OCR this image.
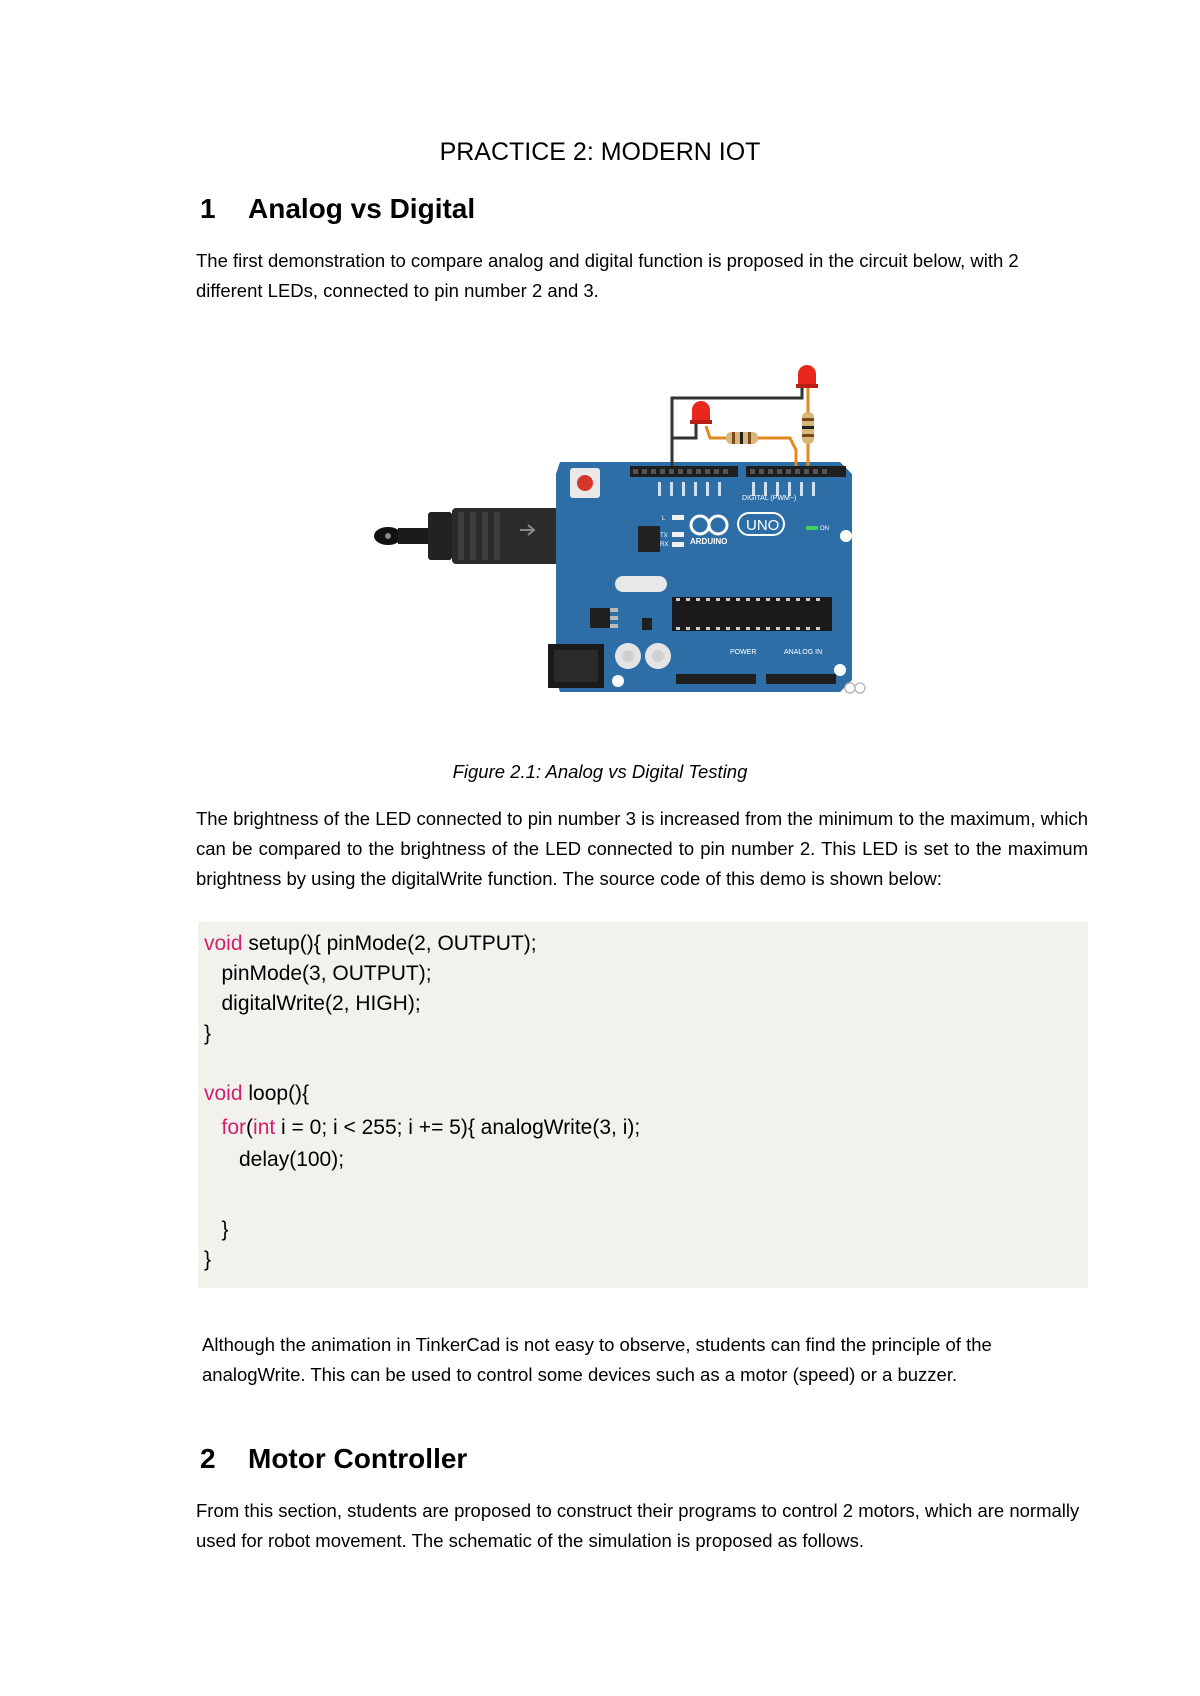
PRACTICE 2: MODERN IOT
1	Analog vs Digital

The first demonstration to compare analog and digital function is proposed in the circuit below, with 2 different LEDs, connected to pin number 2 and 3.

DIGITAL (PWM~)
L
TX
RX	ARDUINO
UNO	ON
POWER	ANALOG IN

Figure 2.1: Analog vs Digital Testing

The brightness of the LED connected to pin number 3 is increased from the minimum to the maximum, which can be compared to the brightness of the LED connected to pin number 2. This LED is set to the maximum brightness by using the digitalWrite function. The source code of this demo is shown below:

void setup(){ pinMode(2, OUTPUT);
pinMode(3, OUTPUT);
digitalWrite(2, HIGH);
}
void loop(){
for(int i = 0; i < 255; i += 5){ analogWrite(3, i);
delay(100);
}
}

Although the animation in TinkerCad is not easy to observe, students can find the principle of the analogWrite. This can be used to control some devices such as a motor (speed) or a buzzer.

2	Motor Controller

From this section, students are proposed to construct their programs to control 2 motors, which are normally used for robot movement. The schematic of the simulation is proposed as follows.
